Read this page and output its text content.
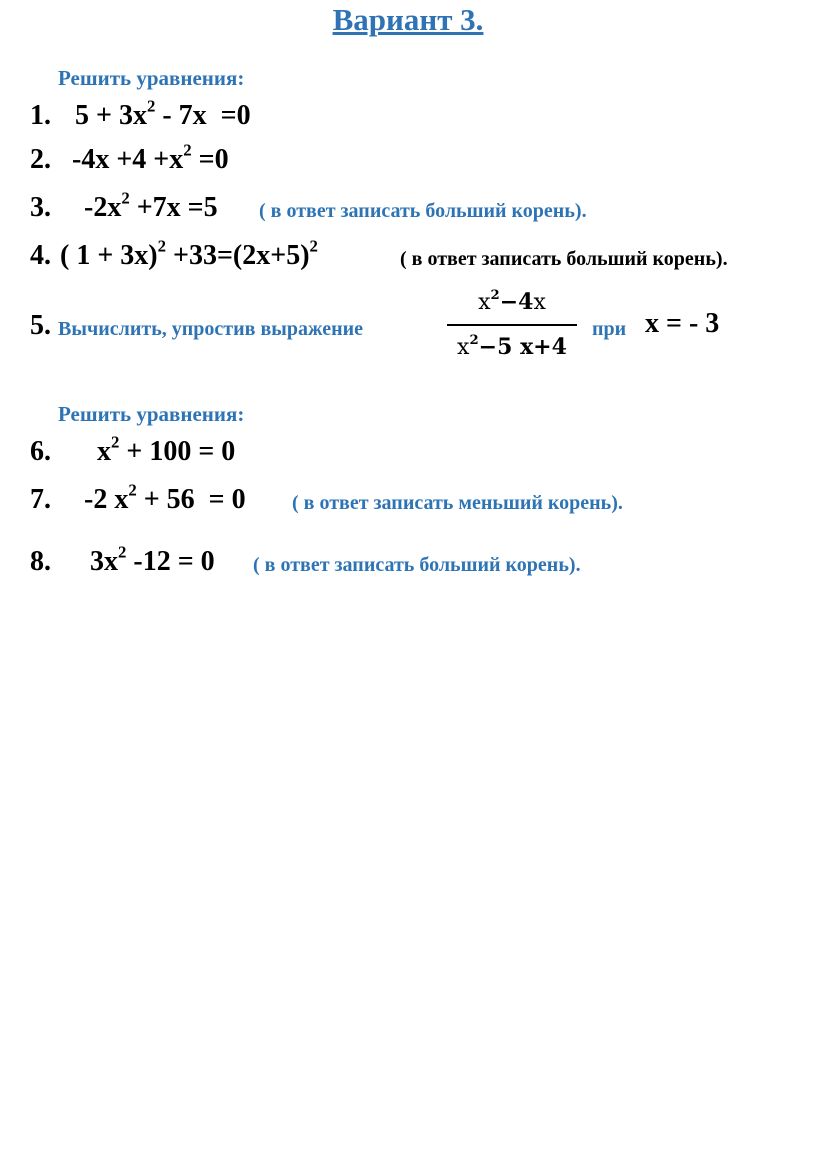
Вариант 3.
Решить уравнения:
1. $5 + 3х^2 - 7х =0$
2. $-4х +4 +х^2 =0$
3. $-2х^2 +7х =5$ ( в ответ записать больший корень).
4. ( $1 + 3х)^2 +33=(2х+5)^2$
( в ответ записать больший корень).
5. Вычислить, упростив выражение
$х^2-4х$
$х^2-5$ х+4
при х = - 3
Решить уравнения:
6. $х^2 + 100 = 0$
7. -2 $х^2 + 56 = 0$ ( в ответ записать меньший корень).
8. $3х^2$ -12 = 0 ( в ответ записать больший корень).
